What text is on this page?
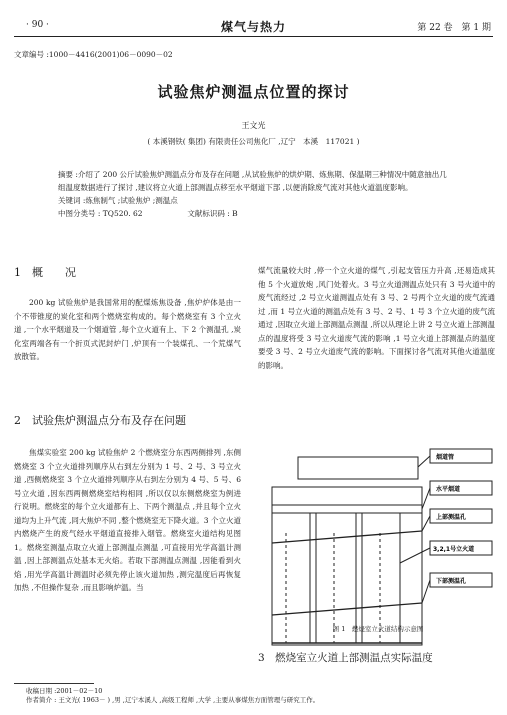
· 90 ·	煤气与热力	第 22 卷　第 1 期
文章编号 :1000－4416(2001)06－0090－02
试验焦炉测温点位置的探讨
王文光
( 本溪钢铁( 集团) 有限责任公司焦化厂 ,辽宁　本溪　117021 )

摘要 :介绍了 200 公斤试验焦炉测温点分布及存在问题 ,从试验焦炉的烘炉期、炼焦期、保温期三种情况中随意抽出几组温度数据进行了探讨 ,建议将立火道上部测温点移至水平烟道下部 ,以便消除废气流对其他火道温度影响。

关键词 :炼焦制气 ;试验焦炉 ;测温点

中图分类号 : TQ520. 62	文献标识码 : B

1　概　　况

200 kg 试验焦炉是我国常用的配煤炼焦设备 ,焦炉炉体是由一个不带锥度的炭化室和两个燃烧室构成的。每个燃烧室有 3 个立火道 ,一个水平烟道及一个烟道管 ,每个立火道有上、下 2 个测温孔 ,炭化室两端各有一个折页式泥封炉门 ,炉顶有一个装煤孔、一个荒煤气放散管。

2　试验焦炉测温点分布及存在问题

焦煤实验室 200 kg 试验焦炉 2 个燃烧室分东西两侧排列 ,东侧燃烧室 3 个立火道排列顺序从右到左分别为 1 号、2 号、3 号立火道 ,西侧燃烧室 3 个立火道排列顺序从右到左分别为 4 号、5 号、6 号立火道 ,因东西两侧燃烧室结构相同 ,所以仅以东侧燃烧室为例进行说明。燃烧室的每个立火道都有上、下两个测温点 ,并且每个立火道均为上升气流 ,同大焦炉不同 ,整个燃烧室无下降火道。3 个立火道内燃烧产生的废气经水平烟道直接排入烟管。燃烧室火道结构见图 1。燃烧室测温点取立火道上部测温点测温 ,可直接用光学高温计测温 ,因上部测温点处基本无火焰。若取下部测温点测温 ,因能看到火焰 ,用光学高温计测温时必须先停止该火道加热 ,测完温度后再恢复加热 ,不但操作复杂 ,而且影响炉温。当

煤气流量较大时 ,停一个立火道的煤气 ,引起支管压力升高 ,还易造成其他 5 个火道放炮 ,风门处着火。3 号立火道测温点处只有 3 号火道中的废气流经过 ,2 号立火道测温点处有 3 号、2 号两个立火道的废气流通过 ,而 1 号立火道的测温点处有 3 号、2 号、1 号 3 个立火道的废气流通过 ,因取立火道上部测温点测温 ,所以从理论上讲 2 号立火道上部测温点的温度将受 3 号立火道废气流的影响 ,1 号立火道上部测温点的温度要受 3 号、2 号立火道废气流的影响。下面探讨各气流对其他火道温度的影响。

3　燃烧室立火道上部测温点实际温度
烟道管
水平烟道
上部测温孔
3,2,1号立火道
下部测温孔
图 1　燃烧室立火道结构示意图
收稿日期 :2001－02－10
作者简介 : 王文光( 1963－ ) ,男 ,辽宁本溪人 ,高级工程师 ,大学 ,主要从事煤焦方面管理与研究工作。
